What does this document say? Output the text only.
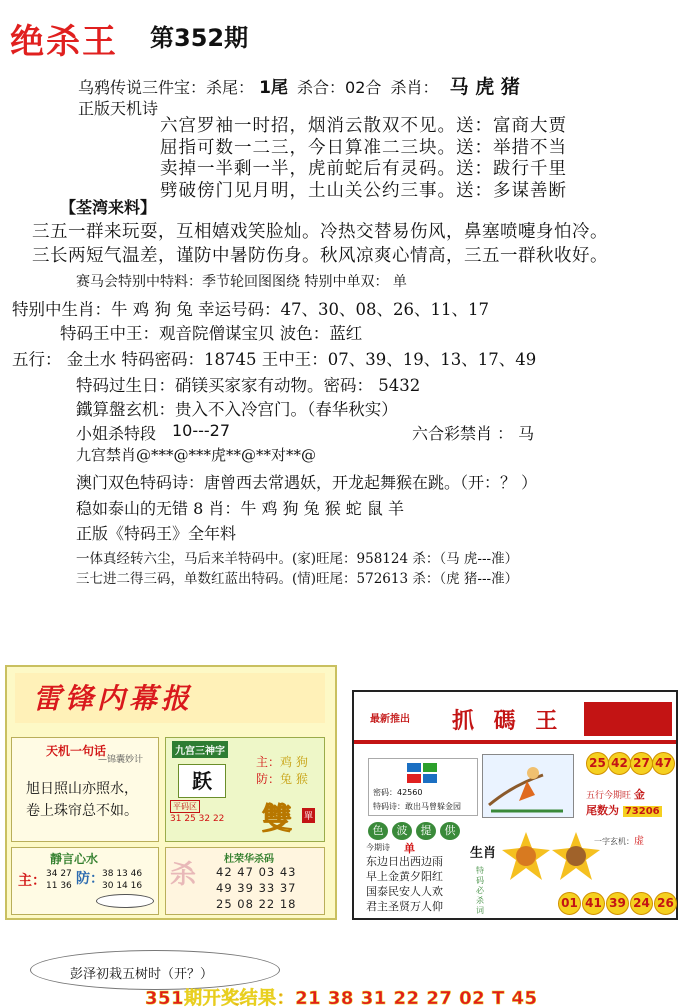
绝杀王 第352期
乌鸦传说三件宝：杀尾： 1尾 杀合：02合 杀肖： 马 虎 猪
正版天机诗
六宫罗袖一时招，烟消云散双不见。送：富商大贾
屈指可数一二三，今日算准二三块。送：举措不当
卖掉一半剩一半，虎前蛇后有灵码。送：跋行千里
劈破傍门见月明，土山关公约三事。送：多谋善断
【荃湾来料】
三五一群来玩耍，互相嬉戏笑脸灿。冷热交替易伤风，鼻塞喷嚏身怕冷。
三长两短气温差，谨防中暑防伤身。秋风凉爽心情高，三五一群秋收好。
赛马会特别中特料：季节轮回图图绕 特别中单双： 单
特别中生肖：牛 鸡 狗 兔 幸运号码：47、30、08、26、11、17
特码王中王：观音院僧谋宝贝 波色：蓝红
五行： 金土水 特码密码：18745 王中王：07、39、19、13、17、49
特码过生日：硝镁买家家有动物。密码： 5432
鐵算盤玄机：贵入不入冷宫门。（春华秋实）
小姐杀特段 10---27	六合彩禁肖 ： 马
九宫禁肖@***@***虎**@**对**@
澳门双色特码诗：唐曾西去常遇妖，开龙起舞猴在跳。（开：？ ）
稳如泰山的无错 8 肖：牛 鸡 狗 兔 猴 蛇 鼠 羊
正版《特码王》全年料
一体真经转六尘，马后来羊特码中。(家)旺尾：958124 杀：（马 虎---准）
三七进二得三码，单数红蓝出特码。(情)旺尾：572613 杀：（虎 猪---准）
雷锋内幕报
天机一句话
—锦囊妙计
旭日照山亦照水，
卷上珠帘总不如。
九宫三神字
跃
平码区
31 25 32 22
主：鸡 狗
防：兔 猴
雙 單
靜言心水
主： 34 27
11 36 防：
38 13 46
30 14 16 杀
杜荣华杀码
42 47 03 43
49 39 33 37
25 08 22 18
最新推出 抓 碼 王
密码：42560
特码诗：敢出马曾躲金园
25 42 27 47
五行今期旺 金
尾数为 73206
色	波	提	供
一字玄机：虚
今期诗 单
东边日出西边雨
早上金黄夕阳红
国泰民安人人欢
君主圣贤万人仰
生肖
特码必杀词
01 41 39 24 26
彭泽初栽五树时（开？）
351期开奖结果：21 38 31 22 27 02 T 45
